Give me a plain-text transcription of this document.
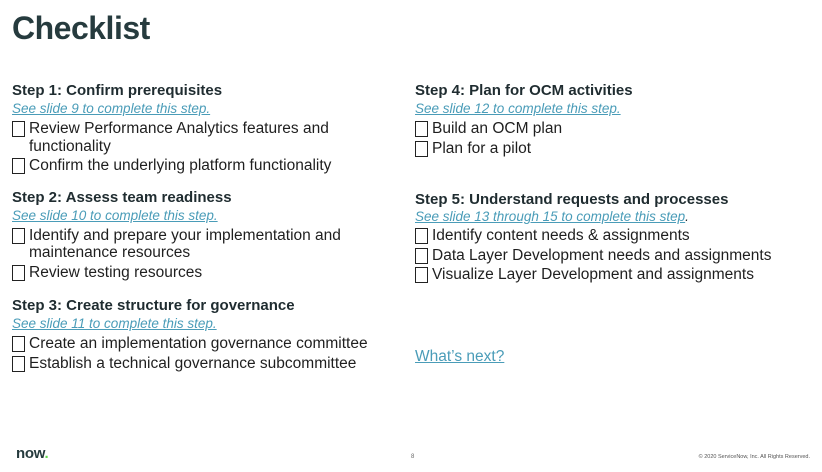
Checklist
Step 1: Confirm prerequisites
See slide 9 to complete this step.
Review Performance Analytics features and functionality
Confirm the underlying platform functionality
Step 2: Assess team readiness
See slide 10 to complete this step.
Identify and prepare your implementation and maintenance resources
Review testing resources
Step 3: Create structure for governance
See slide 11 to complete this step.
Create an implementation governance committee
Establish a technical governance subcommittee
Step 4: Plan for OCM activities
See slide 12 to complete this step.
Build an OCM plan
Plan for a pilot
Step 5: Understand requests and processes
See slide 13 through 15 to complete this step.
Identify content needs & assignments
Data Layer Development needs and assignments
Visualize Layer Development and assignments
What’s next?
now.	8	© 2020 ServiceNow, Inc. All Rights Reserved.
